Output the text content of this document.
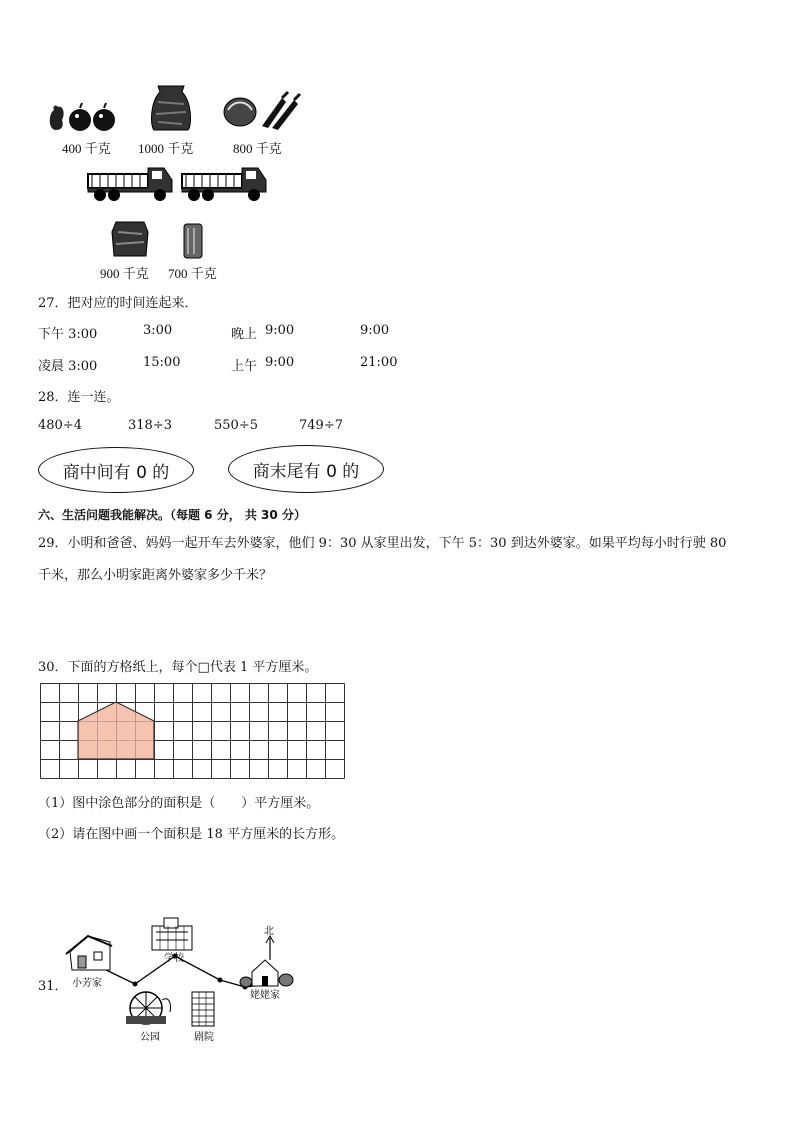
400 千克 1000 千克	800 千克
900 千克 700 千克
27．把对应的时间连起来．
下午 3:00	3:00	晚上 9:00	9:00
凌晨 3:00	15:00	上午 9:00	21:00
28．连一连。
480÷4	318÷3	550÷5	749÷7
商中间有 0 的	商末尾有 0 的
六、生活问题我能解决。（每题 6 分， 共 30 分）
29．小明和爸爸、妈妈一起开车去外婆家，他们 9：30 从家里出发，下午 5：30 到达外婆家。如果平均每小时行驶 80
千米，那么小明家距离外婆家多少千米？
30．下面的方格纸上，每个□代表 1 平方厘米。
（1）图中涂色部分的面积是（　　）平方厘米。
（2）请在图中画一个面积是 18 平方厘米的长方形。
31． 小芳家
学校
公园	剧院
姥姥家
北
